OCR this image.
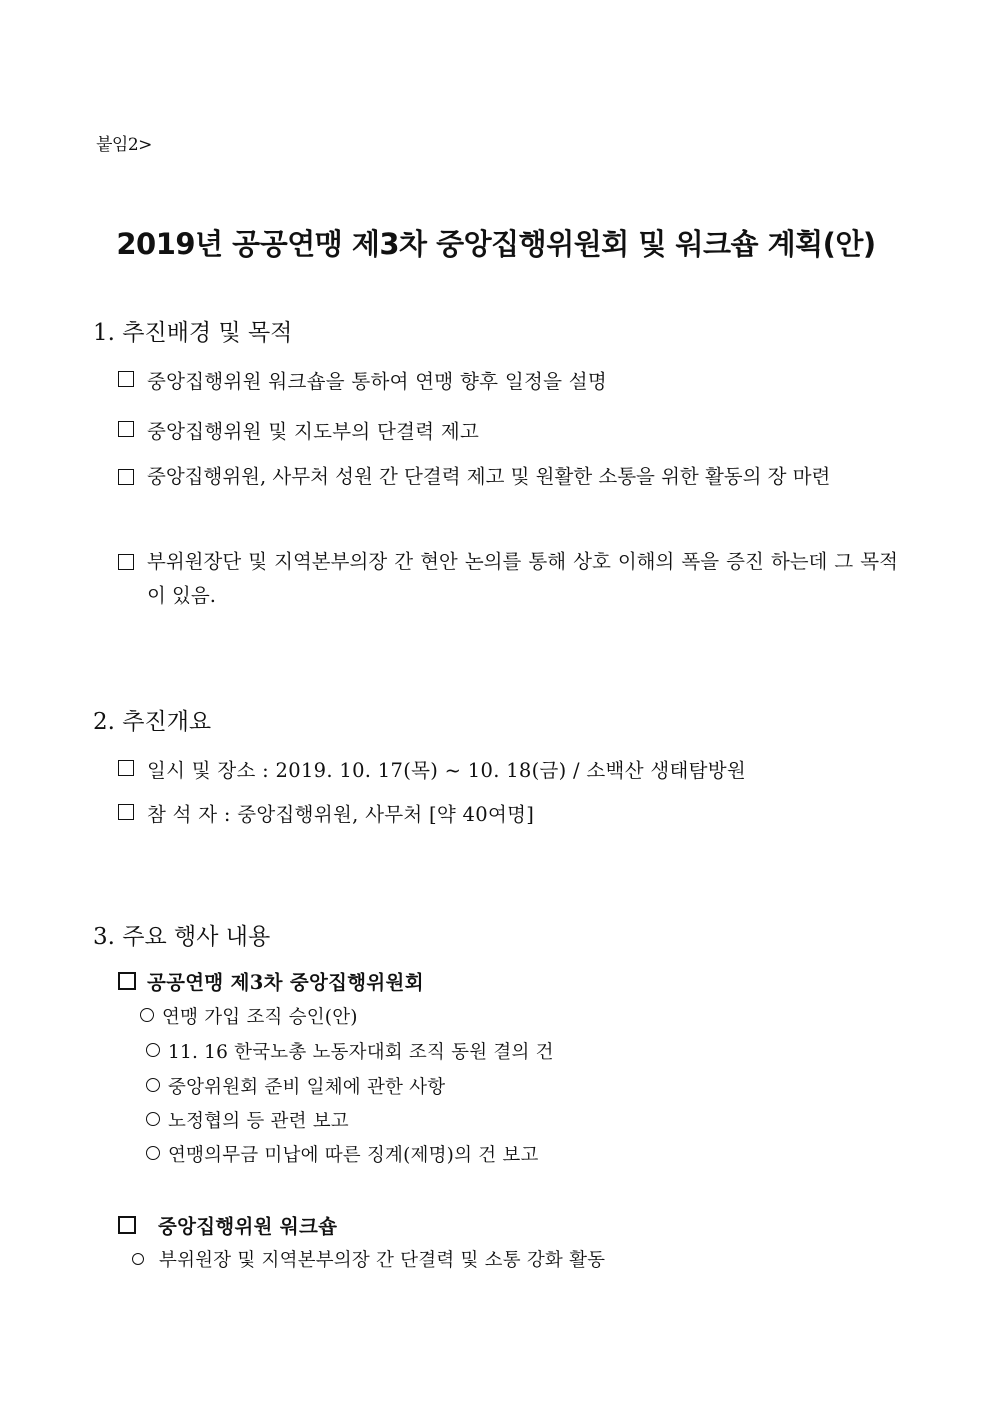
붙임2>
2019년 공공연맹 제3차 중앙집행위원회 및 워크숍 계획(안)
1. 추진배경 및 목적
중앙집행위원 워크숍을 통하여 연맹 향후 일정을 설명
중앙집행위원 및 지도부의 단결력 제고
중앙집행위원, 사무처 성원 간 단결력 제고 및 원활한 소통을 위한 활동의 장 마련
부위원장단 및 지역본부의장 간 현안 논의를 통해 상호 이해의 폭을 증진 하는데 그 목적이 있음.
2. 추진개요
일시 및 장소 : 2019. 10. 17(목) ~ 10. 18(금) / 소백산 생태탐방원
참 석 자 : 중앙집행위원, 사무처 [약 40여명]
3. 주요 행사 내용
공공연맹 제3차 중앙집행위원회
연맹 가입 조직 승인(안)
11. 16 한국노총 노동자대회 조직 동원 결의 건
중앙위원회 준비 일체에 관한 사항
노정협의 등 관련 보고
연맹의무금 미납에 따른 징계(제명)의 건 보고
중앙집행위원 워크숍
부위원장 및 지역본부의장 간 단결력 및 소통 강화 활동
